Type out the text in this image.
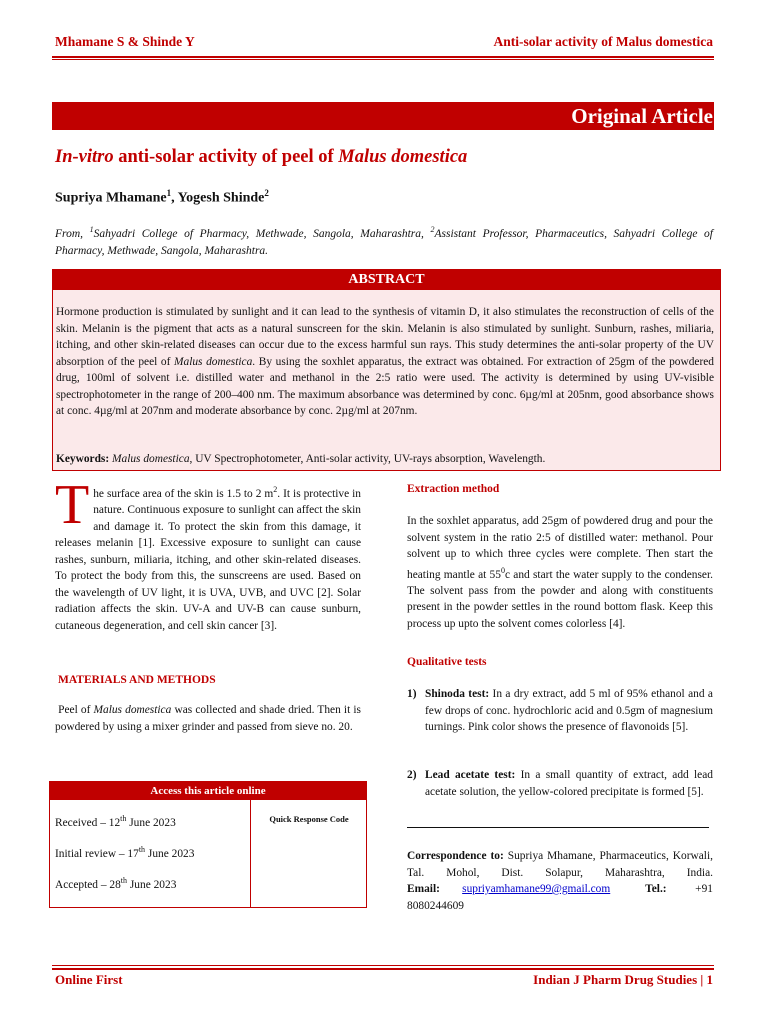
Mhamane S & Shinde Y	Anti-solar activity of Malus domestica
Original Article
In-vitro anti-solar activity of peel of Malus domestica
Supriya Mhamane$^1$, Yogesh Shinde$^2$
From, $^1$Sahyadri College of Pharmacy, Methwade, Sangola, Maharashtra, $^2$Assistant Professor, Pharmaceutics, Sahyadri College of Pharmacy, Methwade, Sangola, Maharashtra.
ABSTRACT
Hormone production is stimulated by sunlight and it can lead to the synthesis of vitamin D, it also stimulates the reconstruction of cells of the skin. Melanin is the pigment that acts as a natural sunscreen for the skin. Melanin is also stimulated by sunlight. Sunburn, rashes, miliaria, itching, and other skin-related diseases can occur due to the excess harmful sun rays. This study determines the anti-solar property of the UV absorption of the peel of Malus domestica. By using the soxhlet apparatus, the extract was obtained. For extraction of 25gm of the powdered drug, 100ml of solvent i.e. distilled water and methanol in the 2:5 ratio were used. The activity is determined by using UV-visible spectrophotometer in the range of 200–400 nm. The maximum absorbance was determined by conc. 6µg/ml at 205nm, good absorbance shows at conc. 4µg/ml at 207nm and moderate absorbance by conc. 2µg/ml at 207nm.
Keywords: Malus domestica, UV Spectrophotometer, Anti-solar activity, UV-rays absorption, Wavelength.
The surface area of the skin is 1.5 to 2 $m^2$. It is protective in nature. Continuous exposure to sunlight can affect the skin and damage it. To protect the skin from this damage, it releases melanin [1]. Excessive exposure to sunlight can cause rashes, sunburn, miliaria, itching, and other skin-related diseases. To protect the body from this, the sunscreens are used. Based on the wavelength of UV light, it is UVA, UVB, and UVC [2]. Solar radiation affects the skin. UV-A and UV-B can cause sunburn, cutaneous degeneration, and cell skin cancer [3].
MATERIALS AND METHODS
Peel of Malus domestica was collected and shade dried. Then it is powdered by using a mixer grinder and passed from sieve no. 20.
Access this article online
Received – 12th June 2023
Initial review – 17th June 2023
Accepted – 28th June 2023
Quick Response Code
Extraction method
In the soxhlet apparatus, add 25gm of powdered drug and pour the solvent system in the ratio 2:5 of distilled water: methanol. Pour solvent up to which three cycles were complete. Then start the heating mantle at $55^0c$ and start the water supply to the condenser. The solvent pass from the powder and along with constituents present in the powder settles in the round bottom flask. Keep this process up upto the solvent comes colorless [4].
Qualitative tests
1) Shinoda test: In a dry extract, add 5 ml of 95% ethanol and a few drops of conc. hydrochloric acid and 0.5gm of magnesium turnings. Pink color shows the presence of flavonoids [5].
2) Lead acetate test: In a small quantity of extract, add lead acetate solution, the yellow-colored precipitate is formed [5].
Correspondence to: Supriya Mhamane, Pharmaceutics, Korwali, Tal. Mohol, Dist. Solapur, Maharashtra, India. Email: supriyamhamane99@gmail.com	Tel.:	+91 8080244609
Online First	Indian J Pharm Drug Studies | 1
